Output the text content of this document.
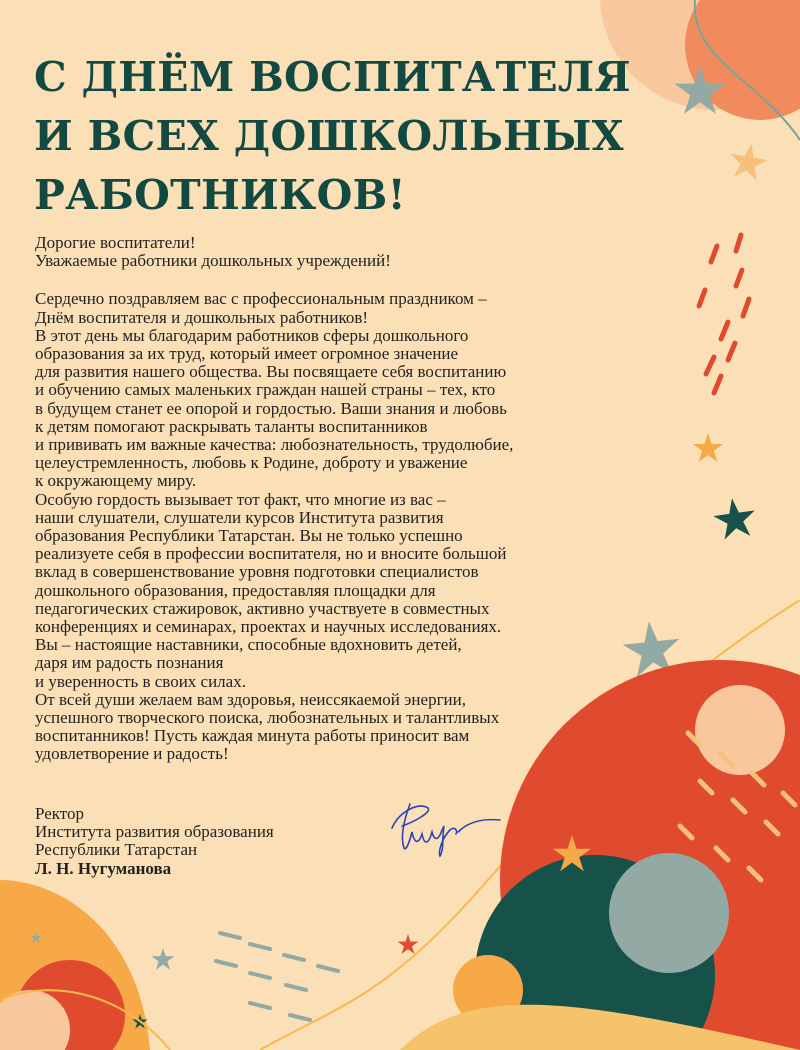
С ДНЁМ ВОСПИТАТЕЛЯ
И ВСЕХ ДОШКОЛЬНЫХ
РАБОТНИКОВ!

Дорогие воспитатели!

Уважаемые работники дошкольных учреждений!

Сердечно поздравляем вас с профессиональным праздником –

Днём воспитателя и дошкольных работников!

В этот день мы благодарим работников сферы дошкольного

образования за их труд, который имеет огромное значение

для развития нашего общества. Вы посвящаете себя воспитанию

и обучению самых маленьких граждан нашей страны – тех, кто

в будущем станет ее опорой и гордостью. Ваши знания и любовь

к детям помогают раскрывать таланты воспитанников

и прививать им важные качества: любознательность, трудолюбие,

целеустремленность, любовь к Родине, доброту и уважение

к окружающему миру.

Особую гордость вызывает тот факт, что многие из вас –

наши слушатели, слушатели курсов Института развития

образования Республики Татарстан. Вы не только успешно

реализуете себя в профессии воспитателя, но и вносите большой

вклад в совершенствование уровня подготовки специалистов

дошкольного образования, предоставляя площадки для

педагогических стажировок, активно участвуете в совместных

конференциях и семинарах, проектах и научных исследованиях.

Вы – настоящие наставники, способные вдохновить детей,

даря им радость познания

и уверенность в своих силах.

От всей души желаем вам здоровья, неиссякаемой энергии,

успешного творческого поиска, любознательных и талантливых

воспитанников! Пусть каждая минута работы приносит вам

удовлетворение и радость!

Ректор
Института развития образования
Республики Татарстан
Л. Н. Нугуманова
